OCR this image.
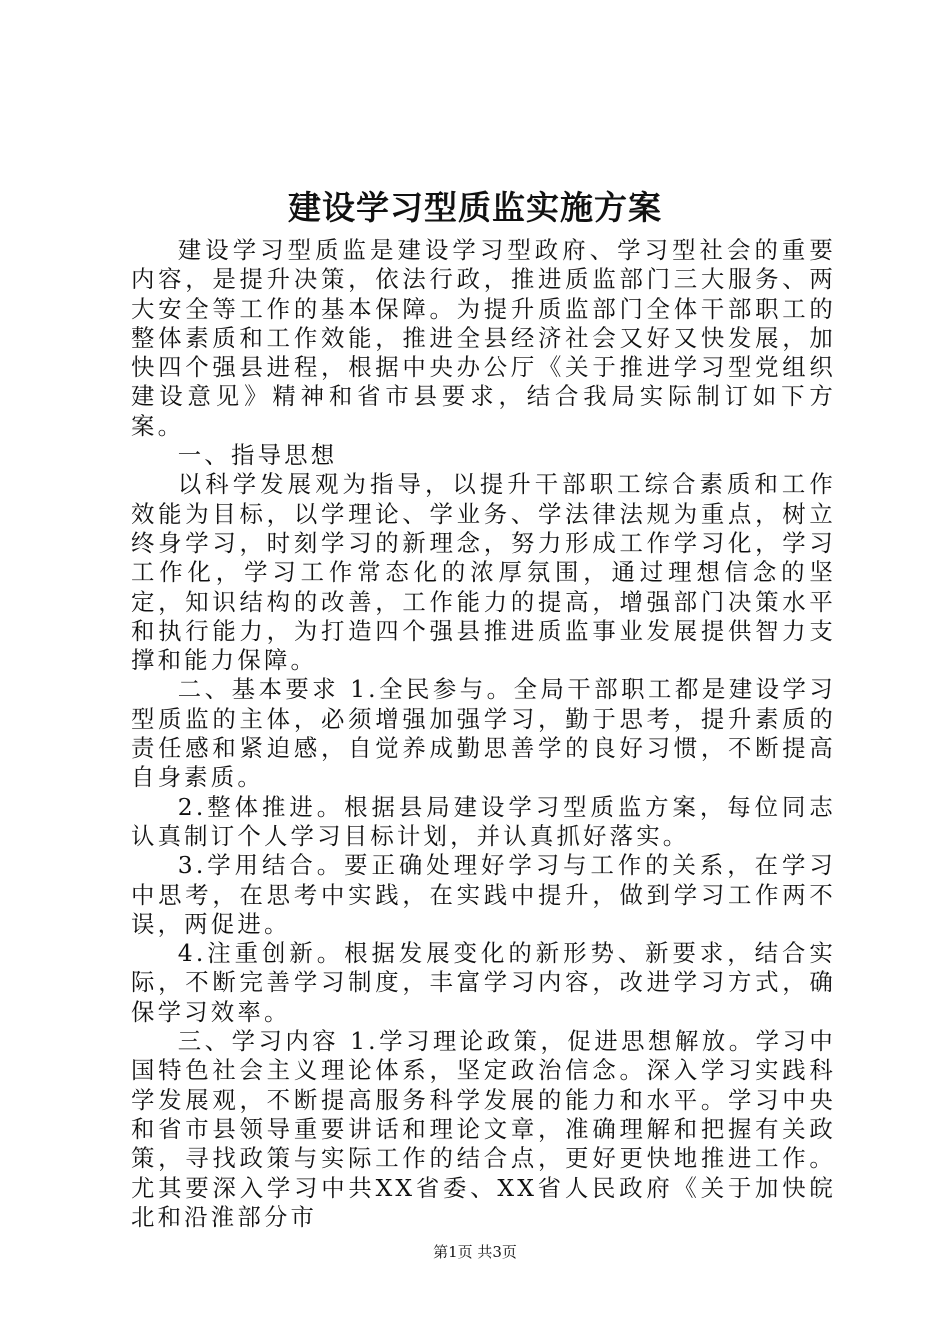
建设学习型质监实施方案

建设学习型质监是建设学习型政府、学习型社会的重要内容，是提升决策，依法行政，推进质监部门三大服务、两大安全等工作的基本保障。为提升质监部门全体干部职工的整体素质和工作效能，推进全县经济社会又好又快发展，加快四个强县进程，根据中央办公厅《关于推进学习型党组织建设意见》精神和省市县要求，结合我局实际制订如下方案。

一、指导思想

以科学发展观为指导，以提升干部职工综合素质和工作效能为目标，以学理论、学业务、学法律法规为重点，树立终身学习，时刻学习的新理念，努力形成工作学习化，学习工作化，学习工作常态化的浓厚氛围，通过理想信念的坚定，知识结构的改善，工作能力的提高，增强部门决策水平和执行能力，为打造四个强县推进质监事业发展提供智力支撑和能力保障。

二、基本要求 1.全民参与。全局干部职工都是建设学习型质监的主体，必须增强加强学习，勤于思考，提升素质的责任感和紧迫感，自觉养成勤思善学的良好习惯，不断提高自身素质。

2.整体推进。根据县局建设学习型质监方案，每位同志认真制订个人学习目标计划，并认真抓好落实。

3.学用结合。要正确处理好学习与工作的关系，在学习中思考，在思考中实践，在实践中提升，做到学习工作两不误，两促进。

4.注重创新。根据发展变化的新形势、新要求，结合实际，不断完善学习制度，丰富学习内容，改进学习方式，确保学习效率。

三、学习内容 1.学习理论政策，促进思想解放。学习中国特色社会主义理论体系，坚定政治信念。深入学习实践科学发展观，不断提高服务科学发展的能力和水平。学习中央和省市县领导重要讲话和理论文章，准确理解和把握有关政策，寻找政策与实际工作的结合点，更好更快地推进工作。尤其要深入学习中共XX省委、XX省人民政府《关于加快皖北和沿淮部分市

第1页 共3页
